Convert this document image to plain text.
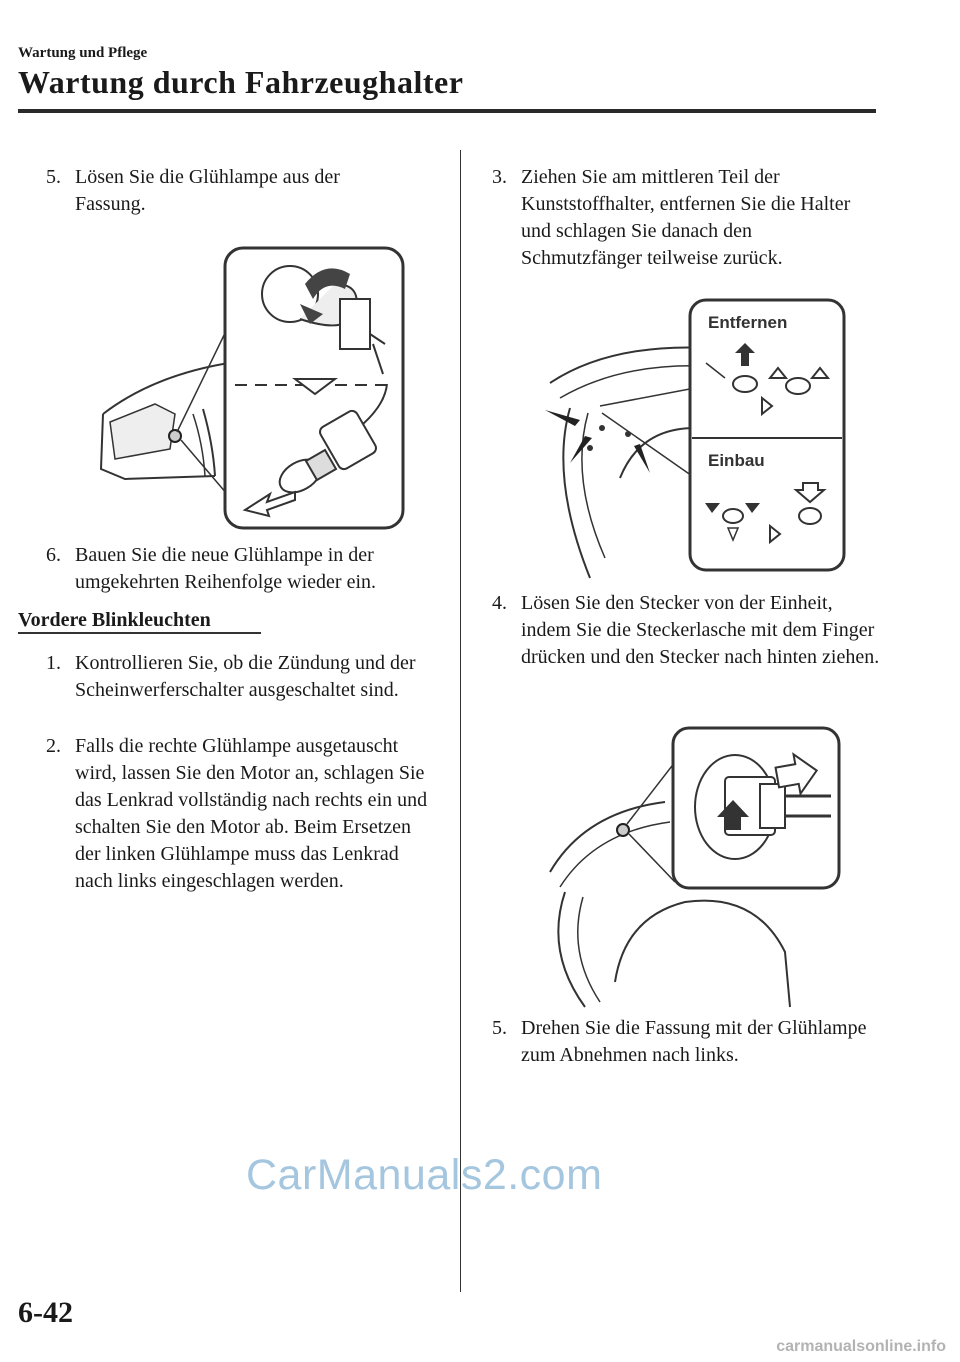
Wartung und Pflege
Wartung durch Fahrzeughalter
5. Lösen Sie die Glühlampe aus der Fassung.
6. Bauen Sie die neue Glühlampe in der umgekehrten Reihenfolge wieder ein.
Vordere Blinkleuchten
1. Kontrollieren Sie, ob die Zündung und der Scheinwerferschalter ausgeschaltet sind.
2. Falls die rechte Glühlampe ausgetauscht wird, lassen Sie den Motor an, schlagen Sie das Lenkrad vollständig nach rechts ein und schalten Sie den Motor ab. Beim Ersetzen der linken Glühlampe muss das Lenkrad nach links eingeschlagen werden.
3. Ziehen Sie am mittleren Teil der Kunststoffhalter, entfernen Sie die Halter und schlagen Sie danach den Schmutzfänger teilweise zurück.
Entfernen
Einbau
4. Lösen Sie den Stecker von der Einheit, indem Sie die Steckerlasche mit dem Finger drücken und den Stecker nach hinten ziehen.
5. Drehen Sie die Fassung mit der Glühlampe zum Abnehmen nach links.
CarManuals2.com
6-42
carmanualsonline.info
